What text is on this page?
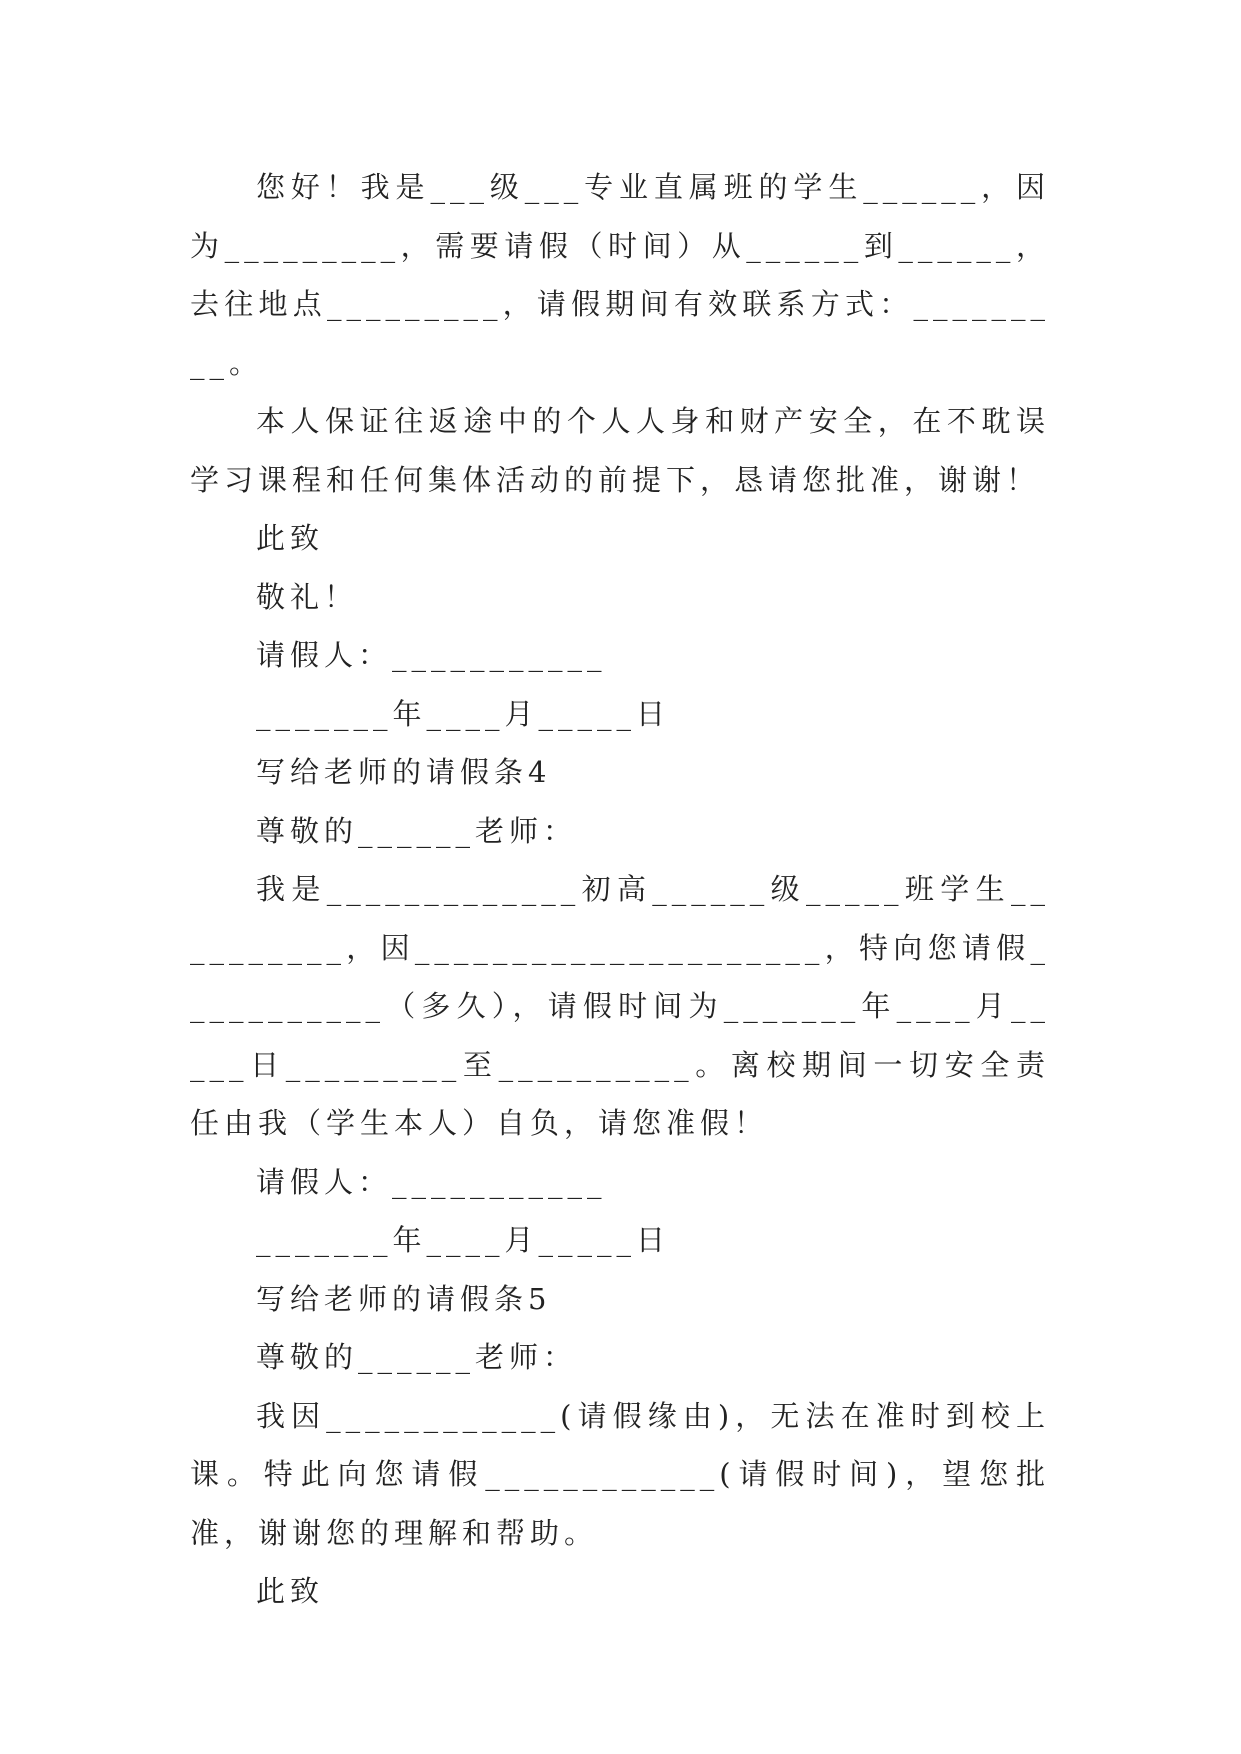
您好！我是___级___专业直属班的学生______，因为_________，需要请假（时间）从______到______，去往地点_________，请假期间有效联系方式：_________。

本人保证往返途中的个人人身和财产安全，在不耽误学习课程和任何集体活动的前提下，恳请您批准，谢谢！

此致

敬礼！

请假人：___________

_______年____月_____日

写给老师的请假条4

尊敬的______老师：

我是_____________初高______级_____班学生__________，因_____________________，特向您请假___________（多久），请假时间为_______年____月_____日_________至__________。离校期间一切安全责任由我（学生本人）自负，请您准假！

请假人：___________

_______年____月_____日

写给老师的请假条5

尊敬的______老师：

我因____________(请假缘由)，无法在准时到校上课。特此向您请假____________(请假时间)，望您批准，谢谢您的理解和帮助。

此致
